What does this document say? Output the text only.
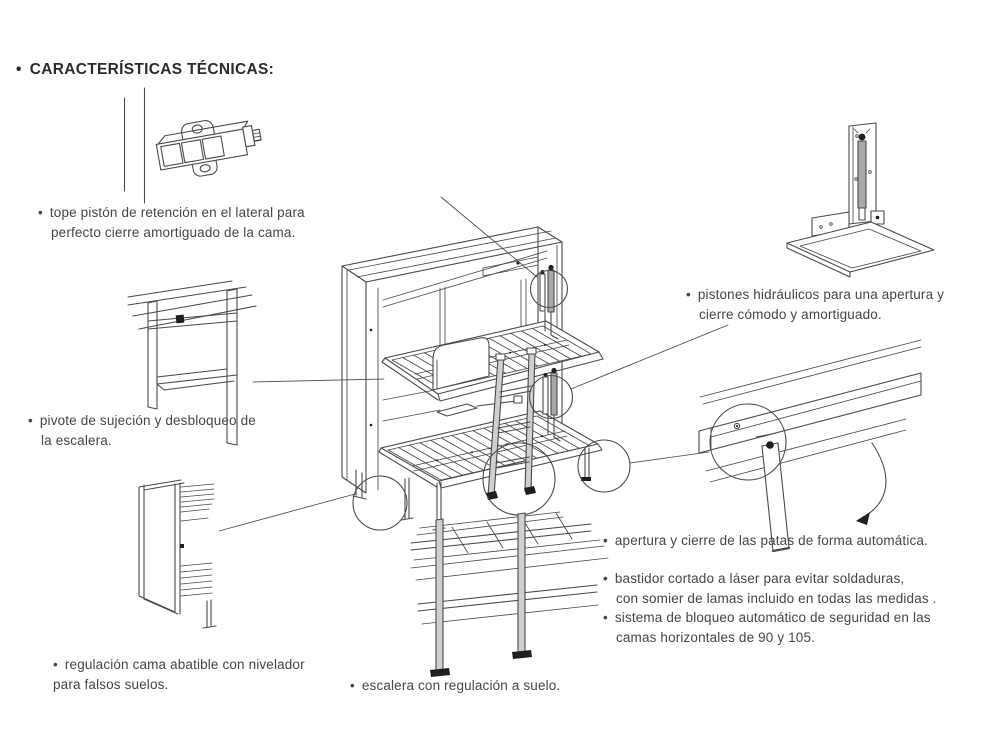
• CARACTERÍSTICAS TÉCNICAS:
• tope pistón de retención en el lateral para
perfecto cierre amortiguado de la cama.
• pivote de sujeción y desbloqueo de
la escalera.
• regulación cama abatible con nivelador
para falsos suelos.	• escalera con regulación a suelo.
• pistones hidráulicos para una apertura y
cierre cómodo y amortiguado.
• apertura y cierre de las patas de forma automática.
• bastidor cortado a láser para evitar soldaduras,
con somier de lamas incluido en todas las medidas .
• sistema de bloqueo automático de seguridad en las
camas horizontales de 90 y 105.
